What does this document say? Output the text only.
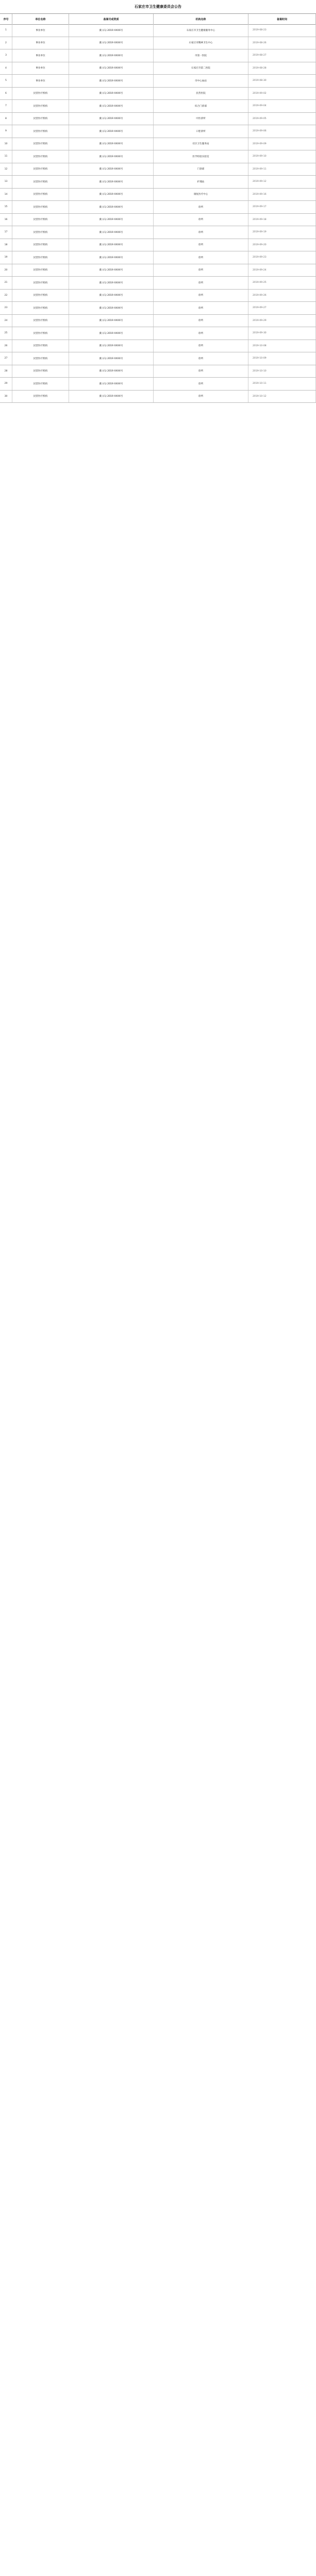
石家庄市卫生健康委员会公告
序号	单位名称	备案号或资质	机构名称	备案时间
1	事业单位	冀 (石) 2019 XXXX号	石家庄市卫生健康服务中心	2019-08-23
2	事业单位	冀 (石) 2019 XXXX号	石家庄市精神卫生中心	2019-08-26
3	事业单位	冀 (石) 2019 XXXX号	市第一医院	2019-08-27
4	事业单位	冀 (石) 2019 XXXX号	石家庄市第二医院	2019-08-28
5	事业单位	冀 (石) 2019 XXXX号	市中心血站	2019-08-30
6	民营医疗机构	冀 (石) 2019 XXXX号	民营医院	2019-09-02
7	民营医疗机构	冀 (石) 2019 XXXX号	综合门诊部	2019-09-04
8	民营医疗机构	冀 (石) 2019 XXXX号	中医诊所	2019-09-05
9	民营医疗机构	冀 (石) 2019 XXXX号	口腔诊所	2019-09-06
10	民营医疗机构	冀 (石) 2019 XXXX号	社区卫生服务站	2019-09-09
11	民营医疗机构	冀 (石) 2019 XXXX号	医学检验实验室	2019-09-10
12	民营医疗机构	冀 (石) 2019 XXXX号	门诊部	2019-09-11
13	民营医疗机构	冀 (石) 2019 XXXX号	护理站	2019-09-12
14	民营医疗机构	冀 (石) 2019 XXXX号	康复医疗中心	2019-09-16
15	民营医疗机构	冀 (石) 2019 XXXX号	诊所	2019-09-17
16	民营医疗机构	冀 (石) 2019 XXXX号	诊所	2019-09-18
17	民营医疗机构	冀 (石) 2019 XXXX号	诊所	2019-09-19
18	民营医疗机构	冀 (石) 2019 XXXX号	诊所	2019-09-20
19	民营医疗机构	冀 (石) 2019 XXXX号	诊所	2019-09-23
20	民营医疗机构	冀 (石) 2019 XXXX号	诊所	2019-09-24
21	民营医疗机构	冀 (石) 2019 XXXX号	诊所	2019-09-25
22	民营医疗机构	冀 (石) 2019 XXXX号	诊所	2019-09-26
23	民营医疗机构	冀 (石) 2019 XXXX号	诊所	2019-09-27
24	民营医疗机构	冀 (石) 2019 XXXX号	诊所	2019-09-29
25	民营医疗机构	冀 (石) 2019 XXXX号	诊所	2019-09-30
26	民营医疗机构	冀 (石) 2019 XXXX号	诊所	2019-10-08
27	民营医疗机构	冀 (石) 2019 XXXX号	诊所	2019-10-09
28	民营医疗机构	冀 (石) 2019 XXXX号	诊所	2019-10-10
29	民营医疗机构	冀 (石) 2019 XXXX号	诊所	2019-10-11
30	民营医疗机构	冀 (石) 2019 XXXX号	诊所	2019-10-12
